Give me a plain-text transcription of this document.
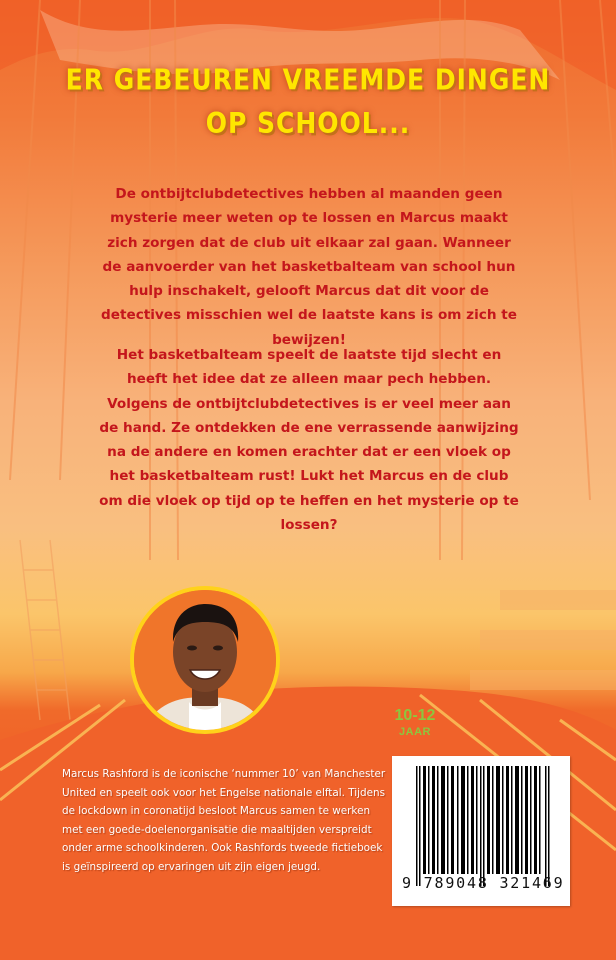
ER GEBEUREN VREEMDE DINGEN
OP SCHOOL...
De ontbijtclubdetectives hebben al maanden geen mysterie meer weten op te lossen en Marcus maakt zich zorgen dat de club uit elkaar zal gaan. Wanneer de aanvoerder van het basketbalteam van school hun hulp inschakelt, gelooft Marcus dat dit voor de detectives misschien wel de laatste kans is om zich te bewijzen!
Het basketbalteam speelt de laatste tijd slecht en heeft het idee dat ze alleen maar pech hebben. Volgens de ontbijtclubdetectives is er veel meer aan de hand. Ze ontdekken de ene verrassende aanwijzing na de andere en komen erachter dat er een vloek op het basketbalteam rust! Lukt het Marcus en de club om die vloek op tijd op te heffen en het mysterie op te lossen?
10-12
JAAR
Marcus Rashford is de iconische ‘nummer 10’ van Manchester United en speelt ook voor het Engelse nationale elftal. Tijdens de lockdown in coronatijd besloot Marcus samen te werken met een goede-doelenorganisatie die maaltijden verspreidt onder arme schoolkinderen. Ook Rashfords tweede fictieboek is geïnspireerd op ervaringen uit zijn eigen jeugd.
9 789048 321469
